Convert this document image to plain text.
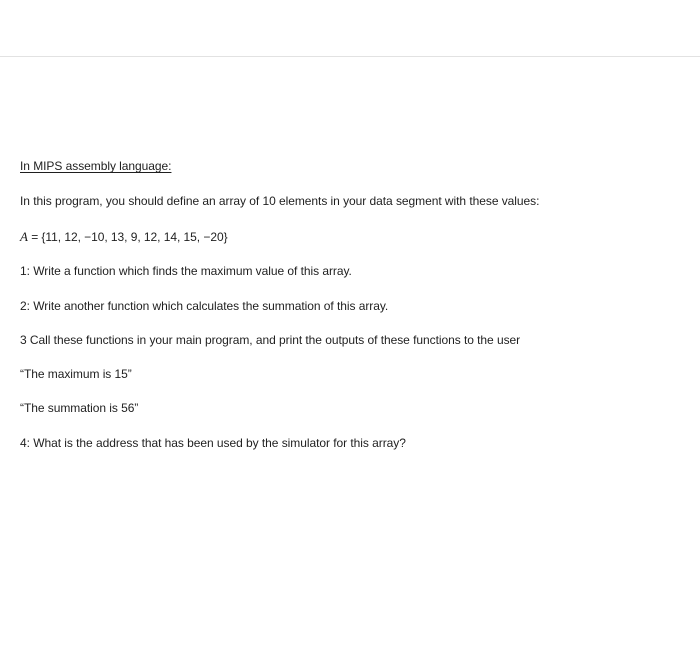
In MIPS assembly language:
In this program, you should define an array of 10 elements in your data segment with these values:
A = {11, 12, −10, 13, 9, 12, 14, 15, −20}
1: Write a function which finds the maximum value of this array.
2: Write another function which calculates the summation of this array.
3 Call these functions in your main program, and print the outputs of these functions to the user
“The maximum is 15”
“The summation is 56”
4: What is the address that has been used by the simulator for this array?
